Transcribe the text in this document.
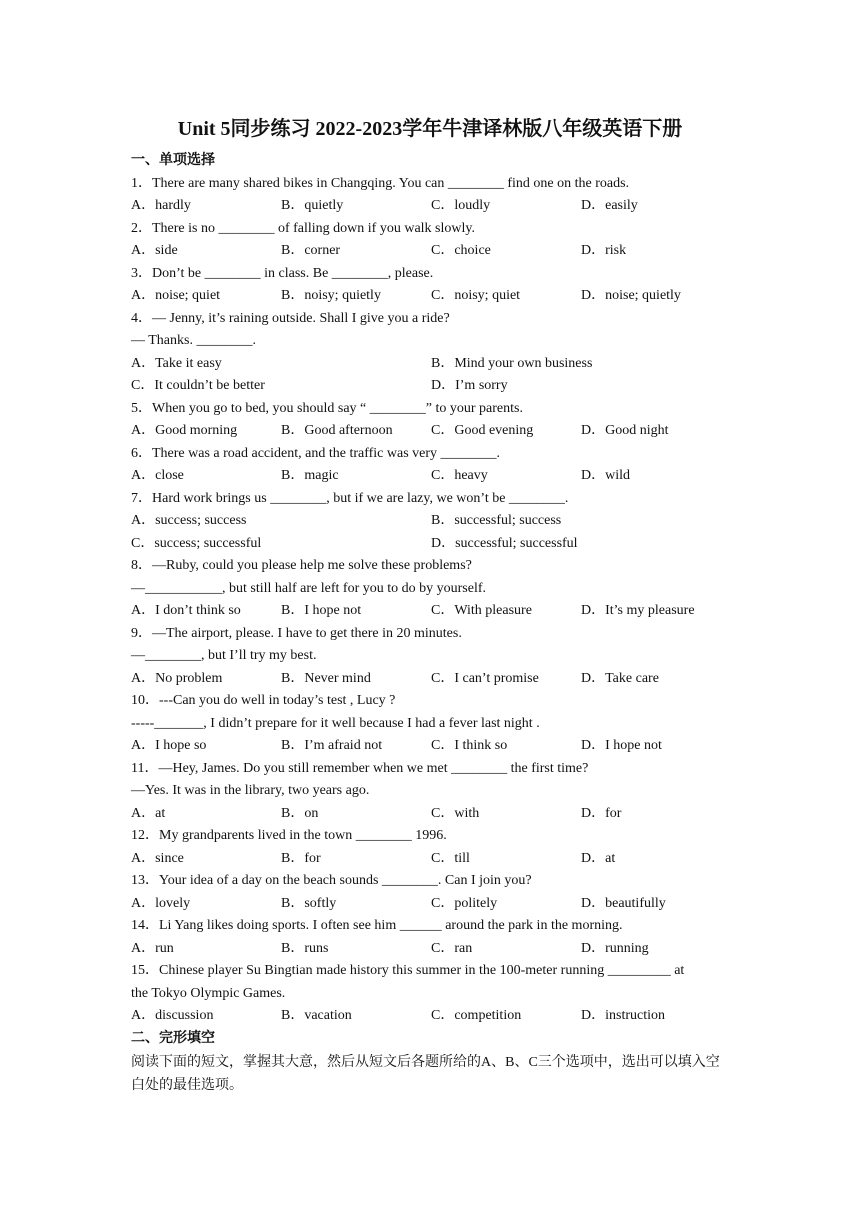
Unit 5同步练习 2022-2023学年牛津译林版八年级英语下册
一、单项选择
1．There are many shared bikes in Changqing. You can ________ find one on the roads.
A．hardly	B．quietly	C．loudly	D．easily
2．There is no ________ of falling down if you walk slowly.
A．side	B．corner	C．choice	D．risk
3．Don’t be ________ in class. Be ________, please.
A．noise; quiet	B．noisy; quietly	C．noisy; quiet	D．noise; quietly
4．— Jenny, it’s raining outside. Shall I give you a ride?
— Thanks. ________.
A．Take it easy	B．Mind your own business
C．It couldn’t be better	D．I’m sorry
5．When you go to bed, you should say “ ________” to your parents.
A．Good morning	B．Good afternoon	C．Good evening	D．Good night
6．There was a road accident, and the traffic was very ________.
A．close	B．magic	C．heavy	D．wild
7．Hard work brings us ________, but if we are lazy, we won’t be ________.
A．success; success	B．successful; success
C．success; successful	D．successful; successful
8．—Ruby, could you please help me solve these problems?
—___________, but still half are left for you to do by yourself.
A．I don’t think so	B．I hope not	C．With pleasure	D．It’s my pleasure
9．—The airport, please. I have to get there in 20 minutes.
—________, but I’ll try my best.
A．No problem	B．Never mind	C．I can’t promise	D．Take care
10．---Can you do well in today’s test , Lucy ?
-----_______, I didn’t prepare for it well because I had a fever last night .
A．I hope so	B．I’m afraid not	C．I think so	D．I hope not
11．—Hey, James. Do you still remember when we met ________ the first time?
—Yes. It was in the library, two years ago.
A．at	B．on	C．with	D．for
12．My grandparents lived in the town ________ 1996.
A．since	B．for	C．till	D．at
13．Your idea of a day on the beach sounds ________. Can I join you?
A．lovely	B．softly	C．politely	D．beautifully
14．Li Yang likes doing sports. I often see him ______ around the park in the morning.
A．run	B．runs	C．ran	D．running
15．Chinese player Su Bingtian made history this summer in the 100-meter running _________ at
the Tokyo Olympic Games.
A．discussion	B．vacation	C．competition	D．instruction
二、完形填空
阅读下面的短文，掌握其大意，然后从短文后各题所给的A、B、C三个选项中，选出可以填入空白处的最佳选项。
